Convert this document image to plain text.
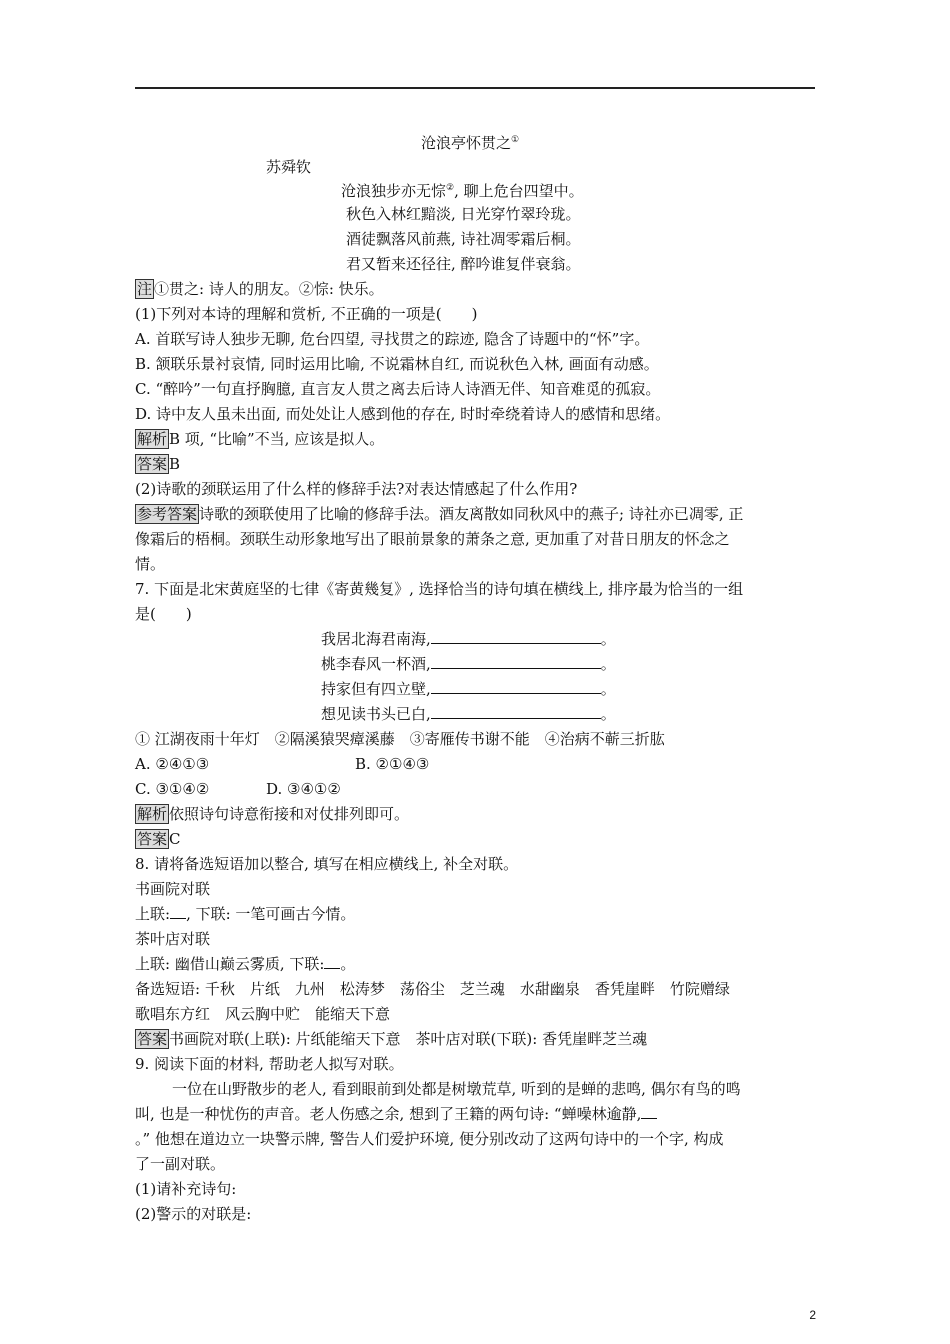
沧浪亭怀贯之①
苏舜钦
沧浪独步亦无悰②, 聊上危台四望中。
秋色入林红黯淡, 日光穿竹翠玲珑。
酒徒飘落风前燕, 诗社凋零霜后桐。
君又暂来还径往, 醉吟谁复伴衰翁。
注 ①贯之: 诗人的朋友。②悰: 快乐。
(1)下列对本诗的理解和赏析, 不正确的一项是(　　)
A. 首联写诗人独步无聊, 危台四望, 寻找贯之的踪迹, 隐含了诗题中的“怀”字。
B. 颔联乐景衬哀情, 同时运用比喻, 不说霜林自红, 而说秋色入林, 画面有动感。
C. “醉吟”一句直抒胸臆, 直言友人贯之离去后诗人诗酒无伴、知音难觅的孤寂。
D. 诗中友人虽未出面, 而处处让人感到他的存在, 时时牵绕着诗人的感情和思绪。
解析 B 项, “比喻”不当, 应该是拟人。
答案 B
(2)诗歌的颈联运用了什么样的修辞手法?对表达情感起了什么作用?
参考答案 诗歌的颈联使用了比喻的修辞手法。酒友离散如同秋风中的燕子; 诗社亦已凋零, 正
像霜后的梧桐。颈联生动形象地写出了眼前景象的萧条之意, 更加重了对昔日朋友的怀念之
情。
7. 下面是北宋黄庭坚的七律《寄黄幾复》, 选择恰当的诗句填在横线上, 排序最为恰当的一组
是(　　)
我居北海君南海,	。
桃李春风一杯酒,	。
持家但有四立壁,	。
想见读书头已白,	。
① 江湖夜雨十年灯　②隔溪猿哭瘴溪藤　③寄雁传书谢不能　④治病不蕲三折肱
A. ②④①③	B. ②①④③
C. ③①④②	D. ③④①②
解析 依照诗句诗意衔接和对仗排列即可。
答案 C
8. 请将备选短语加以整合, 填写在相应横线上, 补全对联。
书画院对联
上联: , 下联: 一笔可画古今情。
茶叶店对联
上联: 幽借山巅云雾质, 下联: 。
备选短语: 千秋　片纸　九州　松涛梦　荡俗尘　芝兰魂　水甜幽泉　香凭崖畔　竹院赠绿
歌唱东方红　风云胸中贮　能缩天下意
答案 书画院对联(上联): 片纸能缩天下意　茶叶店对联(下联): 香凭崖畔芝兰魂
9. 阅读下面的材料, 帮助老人拟写对联。
一位在山野散步的老人, 看到眼前到处都是树墩荒草, 听到的是蝉的悲鸣, 偶尔有鸟的鸣
叫, 也是一种忧伤的声音。老人伤感之余, 想到了王籍的两句诗: “蝉噪林逾静,
。” 他想在道边立一块警示牌, 警告人们爱护环境, 便分别改动了这两句诗中的一个字, 构成
了一副对联。
(1)请补充诗句:
(2)警示的对联是:
2
